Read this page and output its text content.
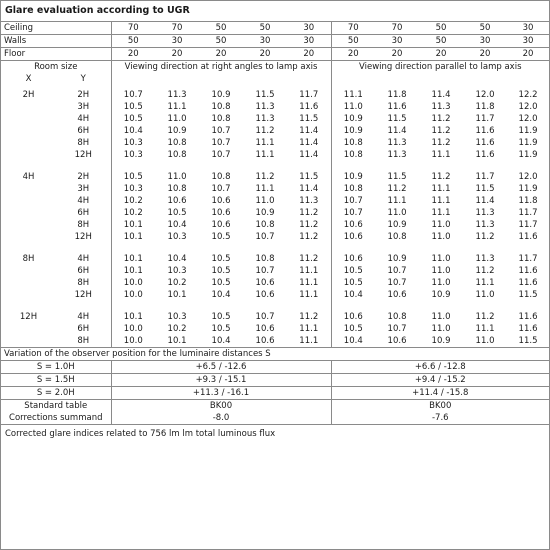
Glare evaluation according to UGR
Ceiling		70	70	50	50	30	70	70	50	50	30
Walls		50	30	50	30	30	50	30	50	30	30
Floor		20	20	20	20	20	20	20	20	20	20
Room size		Viewing direction at right angles to lamp axis					Viewing direction parallel to lamp axis				
X	Y										

2H	2H	10.7	11.3	10.9	11.5	11.7	11.1	11.8	11.4	12.0	12.2
	3H	10.5	11.1	10.8	11.3	11.6	11.0	11.6	11.3	11.8	12.0
	4H	10.5	11.0	10.8	11.3	11.5	10.9	11.5	11.2	11.7	12.0
	6H	10.4	10.9	10.7	11.2	11.4	10.9	11.4	11.2	11.6	11.9
	8H	10.3	10.8	10.7	11.1	11.4	10.8	11.3	11.2	11.6	11.9
	12H	10.3	10.8	10.7	11.1	11.4	10.8	11.3	11.1	11.6	11.9

4H	2H	10.5	11.0	10.8	11.2	11.5	10.9	11.5	11.2	11.7	12.0
	3H	10.3	10.8	10.7	11.1	11.4	10.8	11.2	11.1	11.5	11.9
	4H	10.2	10.6	10.6	11.0	11.3	10.7	11.1	11.1	11.4	11.8
	6H	10.2	10.5	10.6	10.9	11.2	10.7	11.0	11.1	11.3	11.7
	8H	10.1	10.4	10.6	10.8	11.2	10.6	10.9	11.0	11.3	11.7
	12H	10.1	10.3	10.5	10.7	11.2	10.6	10.8	11.0	11.2	11.6

8H	4H	10.1	10.4	10.5	10.8	11.2	10.6	10.9	11.0	11.3	11.7
	6H	10.1	10.3	10.5	10.7	11.1	10.5	10.7	11.0	11.2	11.6
	8H	10.0	10.2	10.5	10.6	11.1	10.5	10.7	11.0	11.1	11.6
	12H	10.0	10.1	10.4	10.6	11.1	10.4	10.6	10.9	11.0	11.5

12H	4H	10.1	10.3	10.5	10.7	11.2	10.6	10.8	11.0	11.2	11.6
	6H	10.0	10.2	10.5	10.6	11.1	10.5	10.7	11.0	11.1	11.6
	8H	10.0	10.1	10.4	10.6	11.1	10.4	10.6	10.9	11.0	11.5
Variation of the observer position for the luminaire distances S											
S = 1.0H		+6.5 / -12.6					+6.6 / -12.8				
S = 1.5H		+9.3 / -15.1					+9.4 / -15.2				
S = 2.0H		+11.3 / -16.1					+11.4 / -15.8				
Standard table		BK00					BK00				
Corrections summand		-8.0					-7.6				
Corrected glare indices related to 756 lm lm total luminous flux
